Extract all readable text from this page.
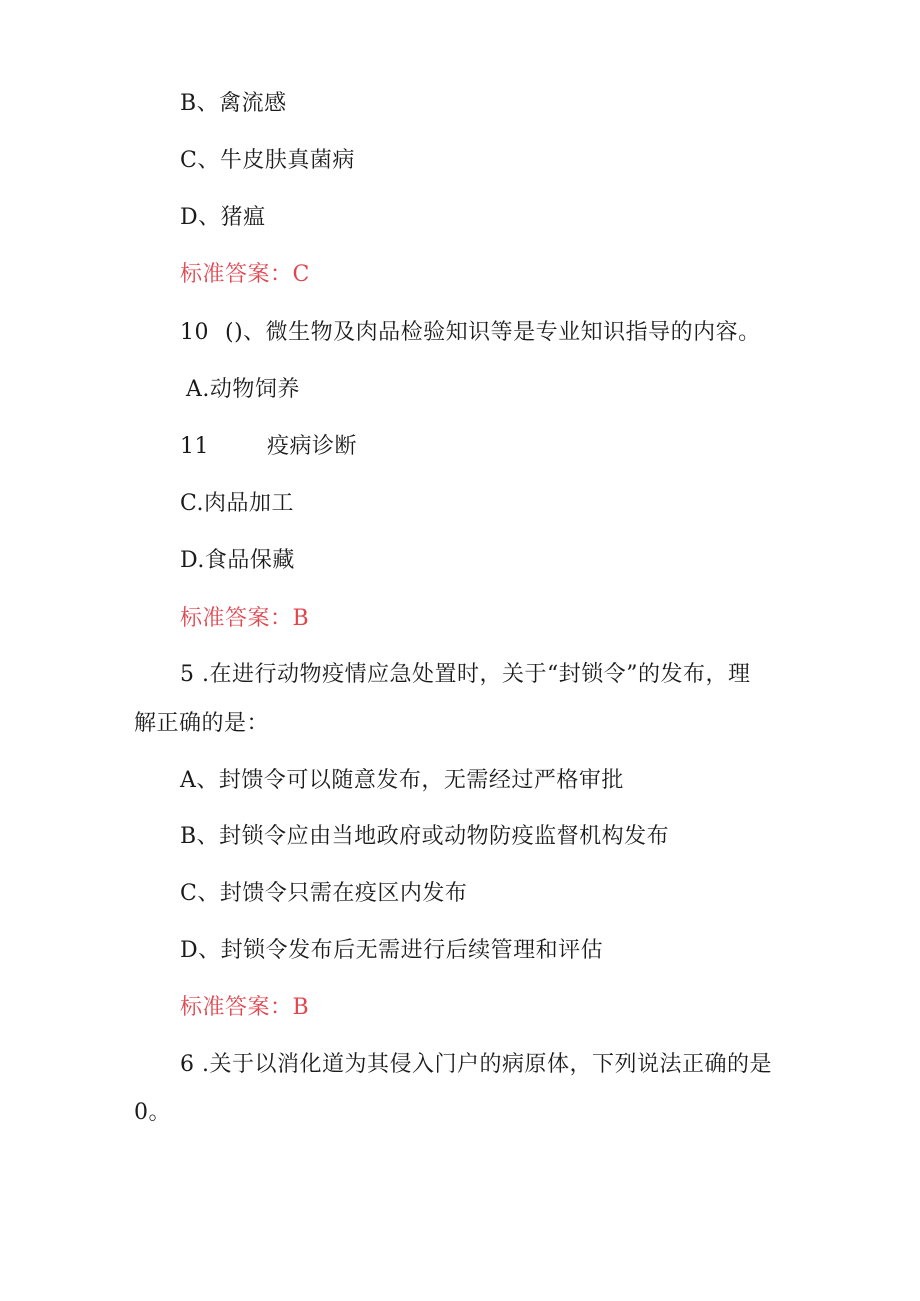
B、禽流感
C、牛皮肤真菌病
D、猪瘟
标准答案：C
10 ()、微生物及肉品检验知识等是专业知识指导的内容。
A.动物饲养
11	疫病诊断
C.肉品加工
D.食品保藏
标准答案：B
5 .在进行动物疫情应急处置时，关于“封锁令”的发布，理
解正确的是：
A、封馈令可以随意发布，无需经过严格审批
B、封锁令应由当地政府或动物防疫监督机构发布
C、封馈令只需在疫区内发布
D、封锁令发布后无需进行后续管理和评估
标准答案：B
6 .关于以消化道为其侵入门户的病原体，下列说法正确的是
0。
